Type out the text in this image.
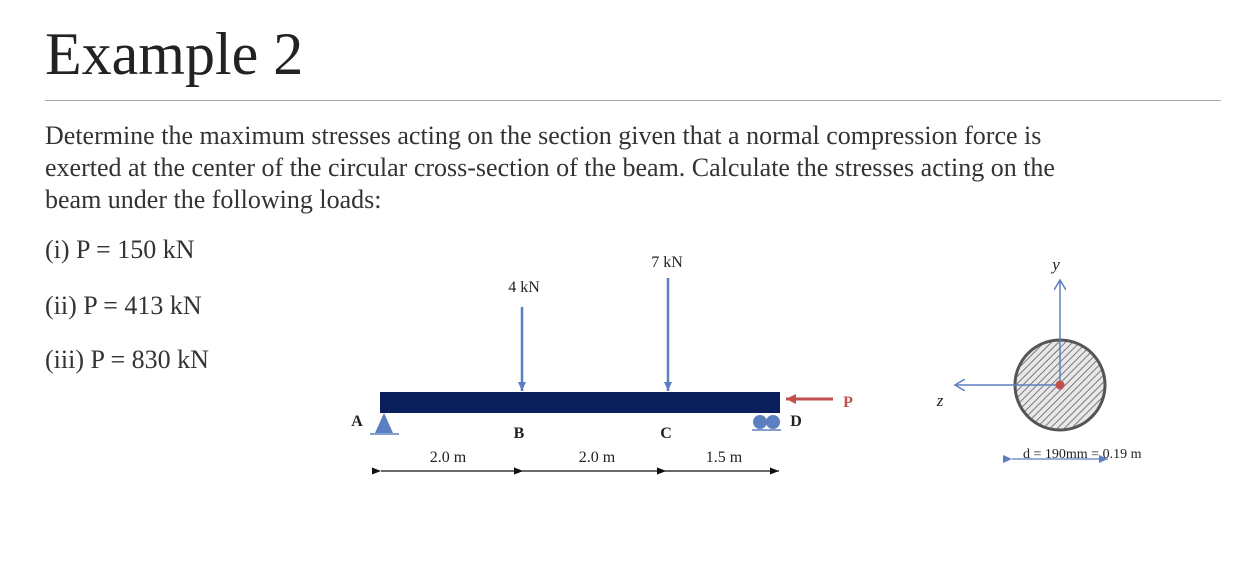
Example 2
Determine the maximum stresses acting on the section given that a normal compression force is
exerted at the center of the circular cross-section of the beam. Calculate the stresses acting on the
beam under the following loads:
(i) P = 150 kN
(ii) P = 413 kN
(iii) P = 830 kN
4 kN
7 kN
A	D
B	C
P
2.0 m	2.0 m	1.5 m
y
z
d = 190mm = 0.19 m
